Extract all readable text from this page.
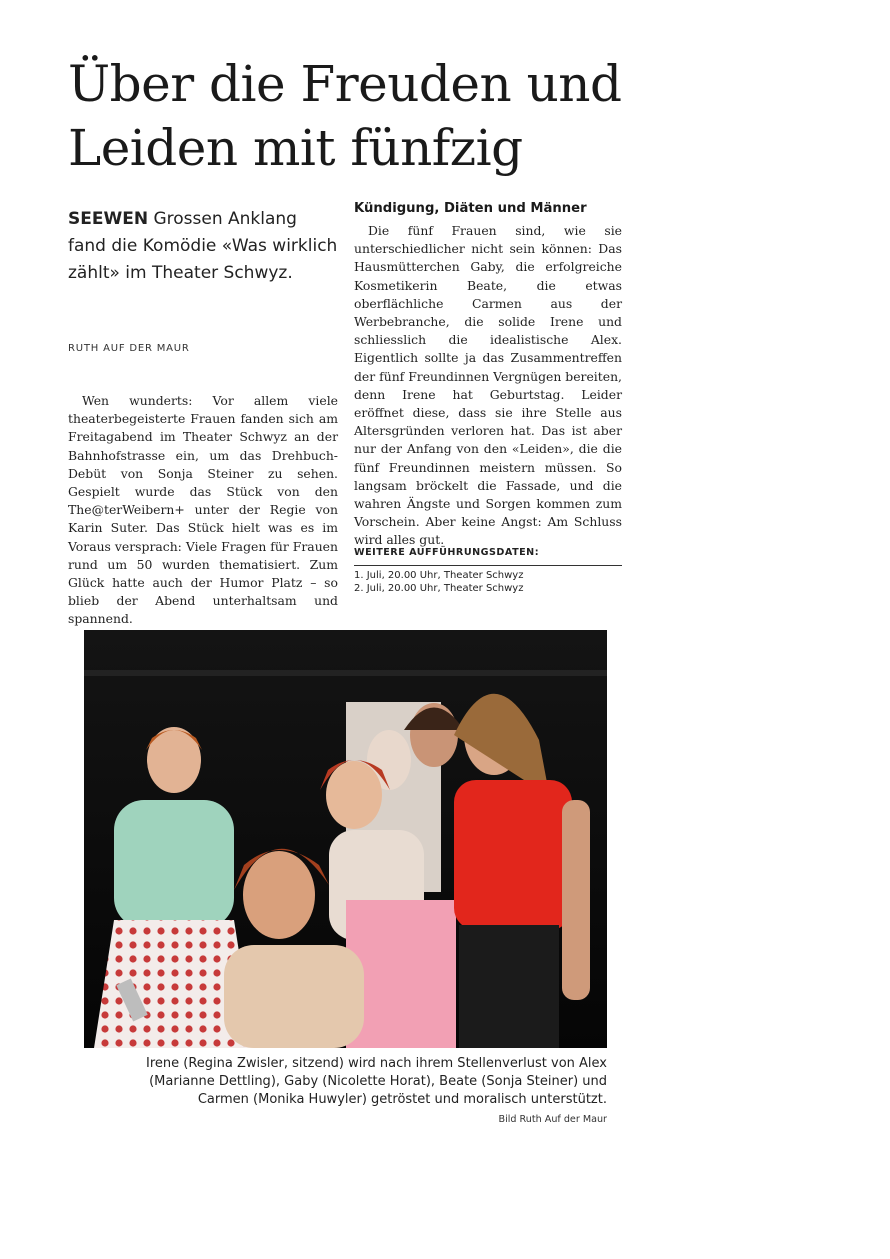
Über die Freuden und
Leiden mit fünfzig
SEEWEN Grossen Anklang fand die Komödie «Was wirklich zählt» im Theater Schwyz.
RUTH AUF DER MAUR

Wen wunderts: Vor allem viele theaterbegeisterte Frauen fanden sich am Freitagabend im Theater Schwyz an der Bahnhofstrasse ein, um das Drehbuch-Debüt von Sonja Steiner zu sehen. Gespielt wurde das Stück von den The@terWeibern+ unter der Regie von Karin Suter. Das Stück hielt was es im Voraus versprach: Viele Fragen für Frauen rund um 50 wurden thematisiert. Zum Glück hatte auch der Humor Platz – so blieb der Abend unterhaltsam und spannend.

Kündigung, Diäten und Männer

Die fünf Frauen sind, wie sie unterschiedlicher nicht sein können: Das Hausmütterchen Gaby, die erfolgreiche Kosmetikerin Beate, die etwas oberflächliche Carmen aus der Werbebranche, die solide Irene und schliesslich die idealistische Alex. Eigentlich sollte ja das Zusammentreffen der fünf Freundinnen Vergnügen bereiten, denn Irene hat Geburtstag. Leider eröffnet diese, dass sie ihre Stelle aus Altersgründen verloren hat. Das ist aber nur der Anfang von den «Leiden», die die fünf Freundinnen meistern müssen. So langsam bröckelt die Fassade, und die wahren Ängste und Sorgen kommen zum Vorschein. Aber keine Angst: Am Schluss wird alles gut.

WEITERE AUFFÜHRUNGSDATEN:
1. Juli, 20.00 Uhr, Theater Schwyz
2. Juli, 20.00 Uhr, Theater Schwyz
Irene (Regina Zwisler, sitzend) wird nach ihrem Stellenverlust von Alex
(Marianne Dettling), Gaby (Nicolette Horat), Beate (Sonja Steiner) und
Carmen (Monika Huwyler) getröstet und moralisch unterstützt.
Bild Ruth Auf der Maur
